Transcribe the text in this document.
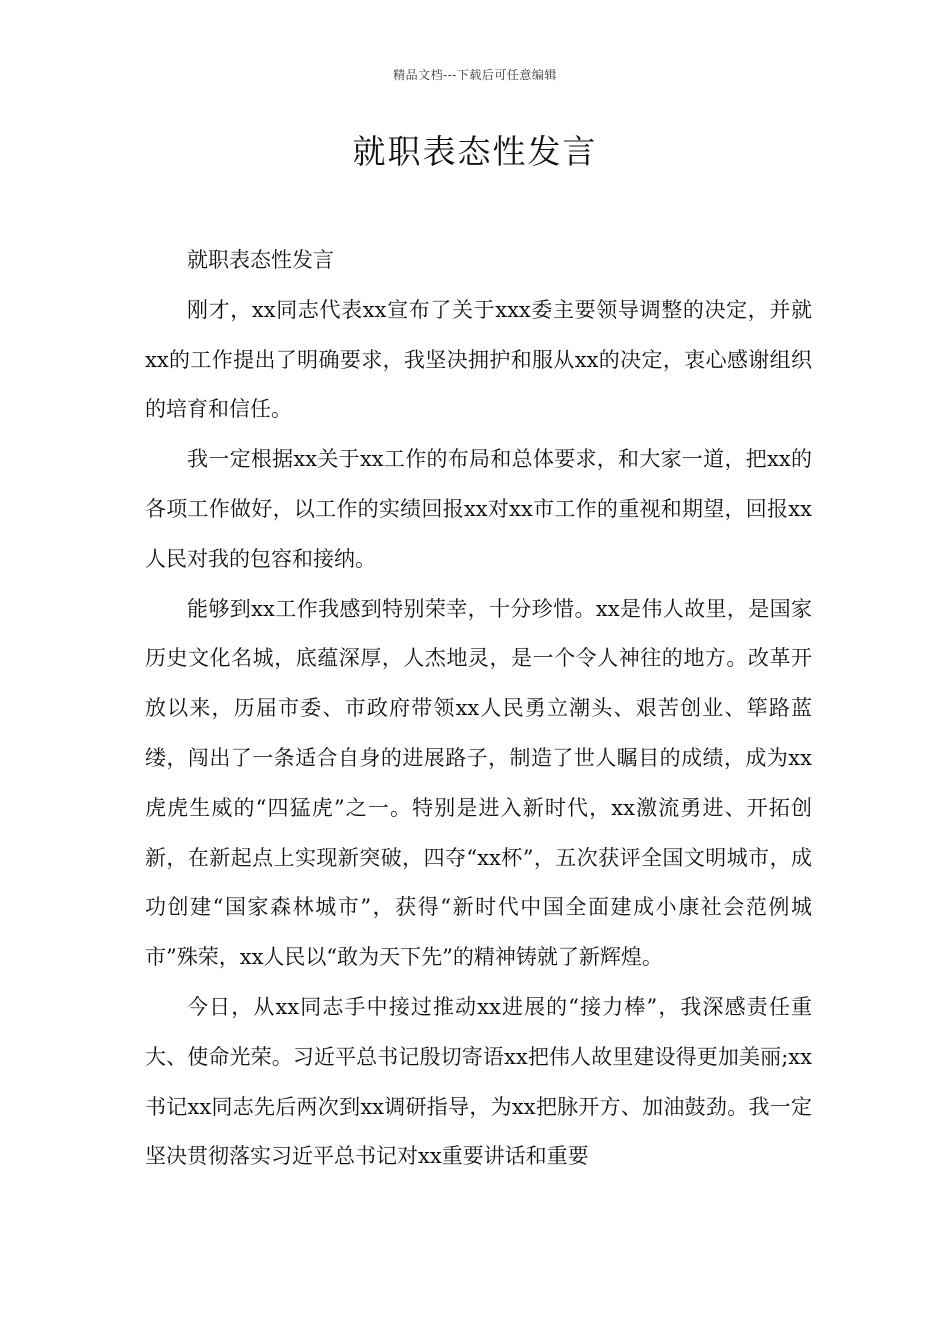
精品文档---下载后可任意编辑
就职表态性发言

就职表态性发言

刚才，xx同志代表xx宣布了关于xxx委主要领导调整的决定，并就xx的工作提出了明确要求，我坚决拥护和服从xx的决定，衷心感谢组织的培育和信任。

我一定根据xx关于xx工作的布局和总体要求，和大家一道，把xx的各项工作做好，以工作的实绩回报xx对xx市工作的重视和期望，回报xx人民对我的包容和接纳。

能够到xx工作我感到特别荣幸，十分珍惜。xx是伟人故里，是国家历史文化名城，底蕴深厚，人杰地灵，是一个令人神往的地方。改革开放以来，历届市委、市政府带领xx人民勇立潮头、艰苦创业、筚路蓝缕，闯出了一条适合自身的进展路子，制造了世人瞩目的成绩，成为xx虎虎生威的“四猛虎”之一。特别是进入新时代，xx激流勇进、开拓创新，在新起点上实现新突破，四夺“xx杯”，五次获评全国文明城市，成功创建“国家森林城市”，获得“新时代中国全面建成小康社会范例城市”殊荣，xx人民以“敢为天下先”的精神铸就了新辉煌。

今日，从xx同志手中接过推动xx进展的“接力棒”，我深感责任重大、使命光荣。习近平总书记殷切寄语xx把伟人故里建设得更加美丽;xx书记xx同志先后两次到xx调研指导，为xx把脉开方、加油鼓劲。我一定坚决贯彻落实习近平总书记对xx重要讲话和重要
